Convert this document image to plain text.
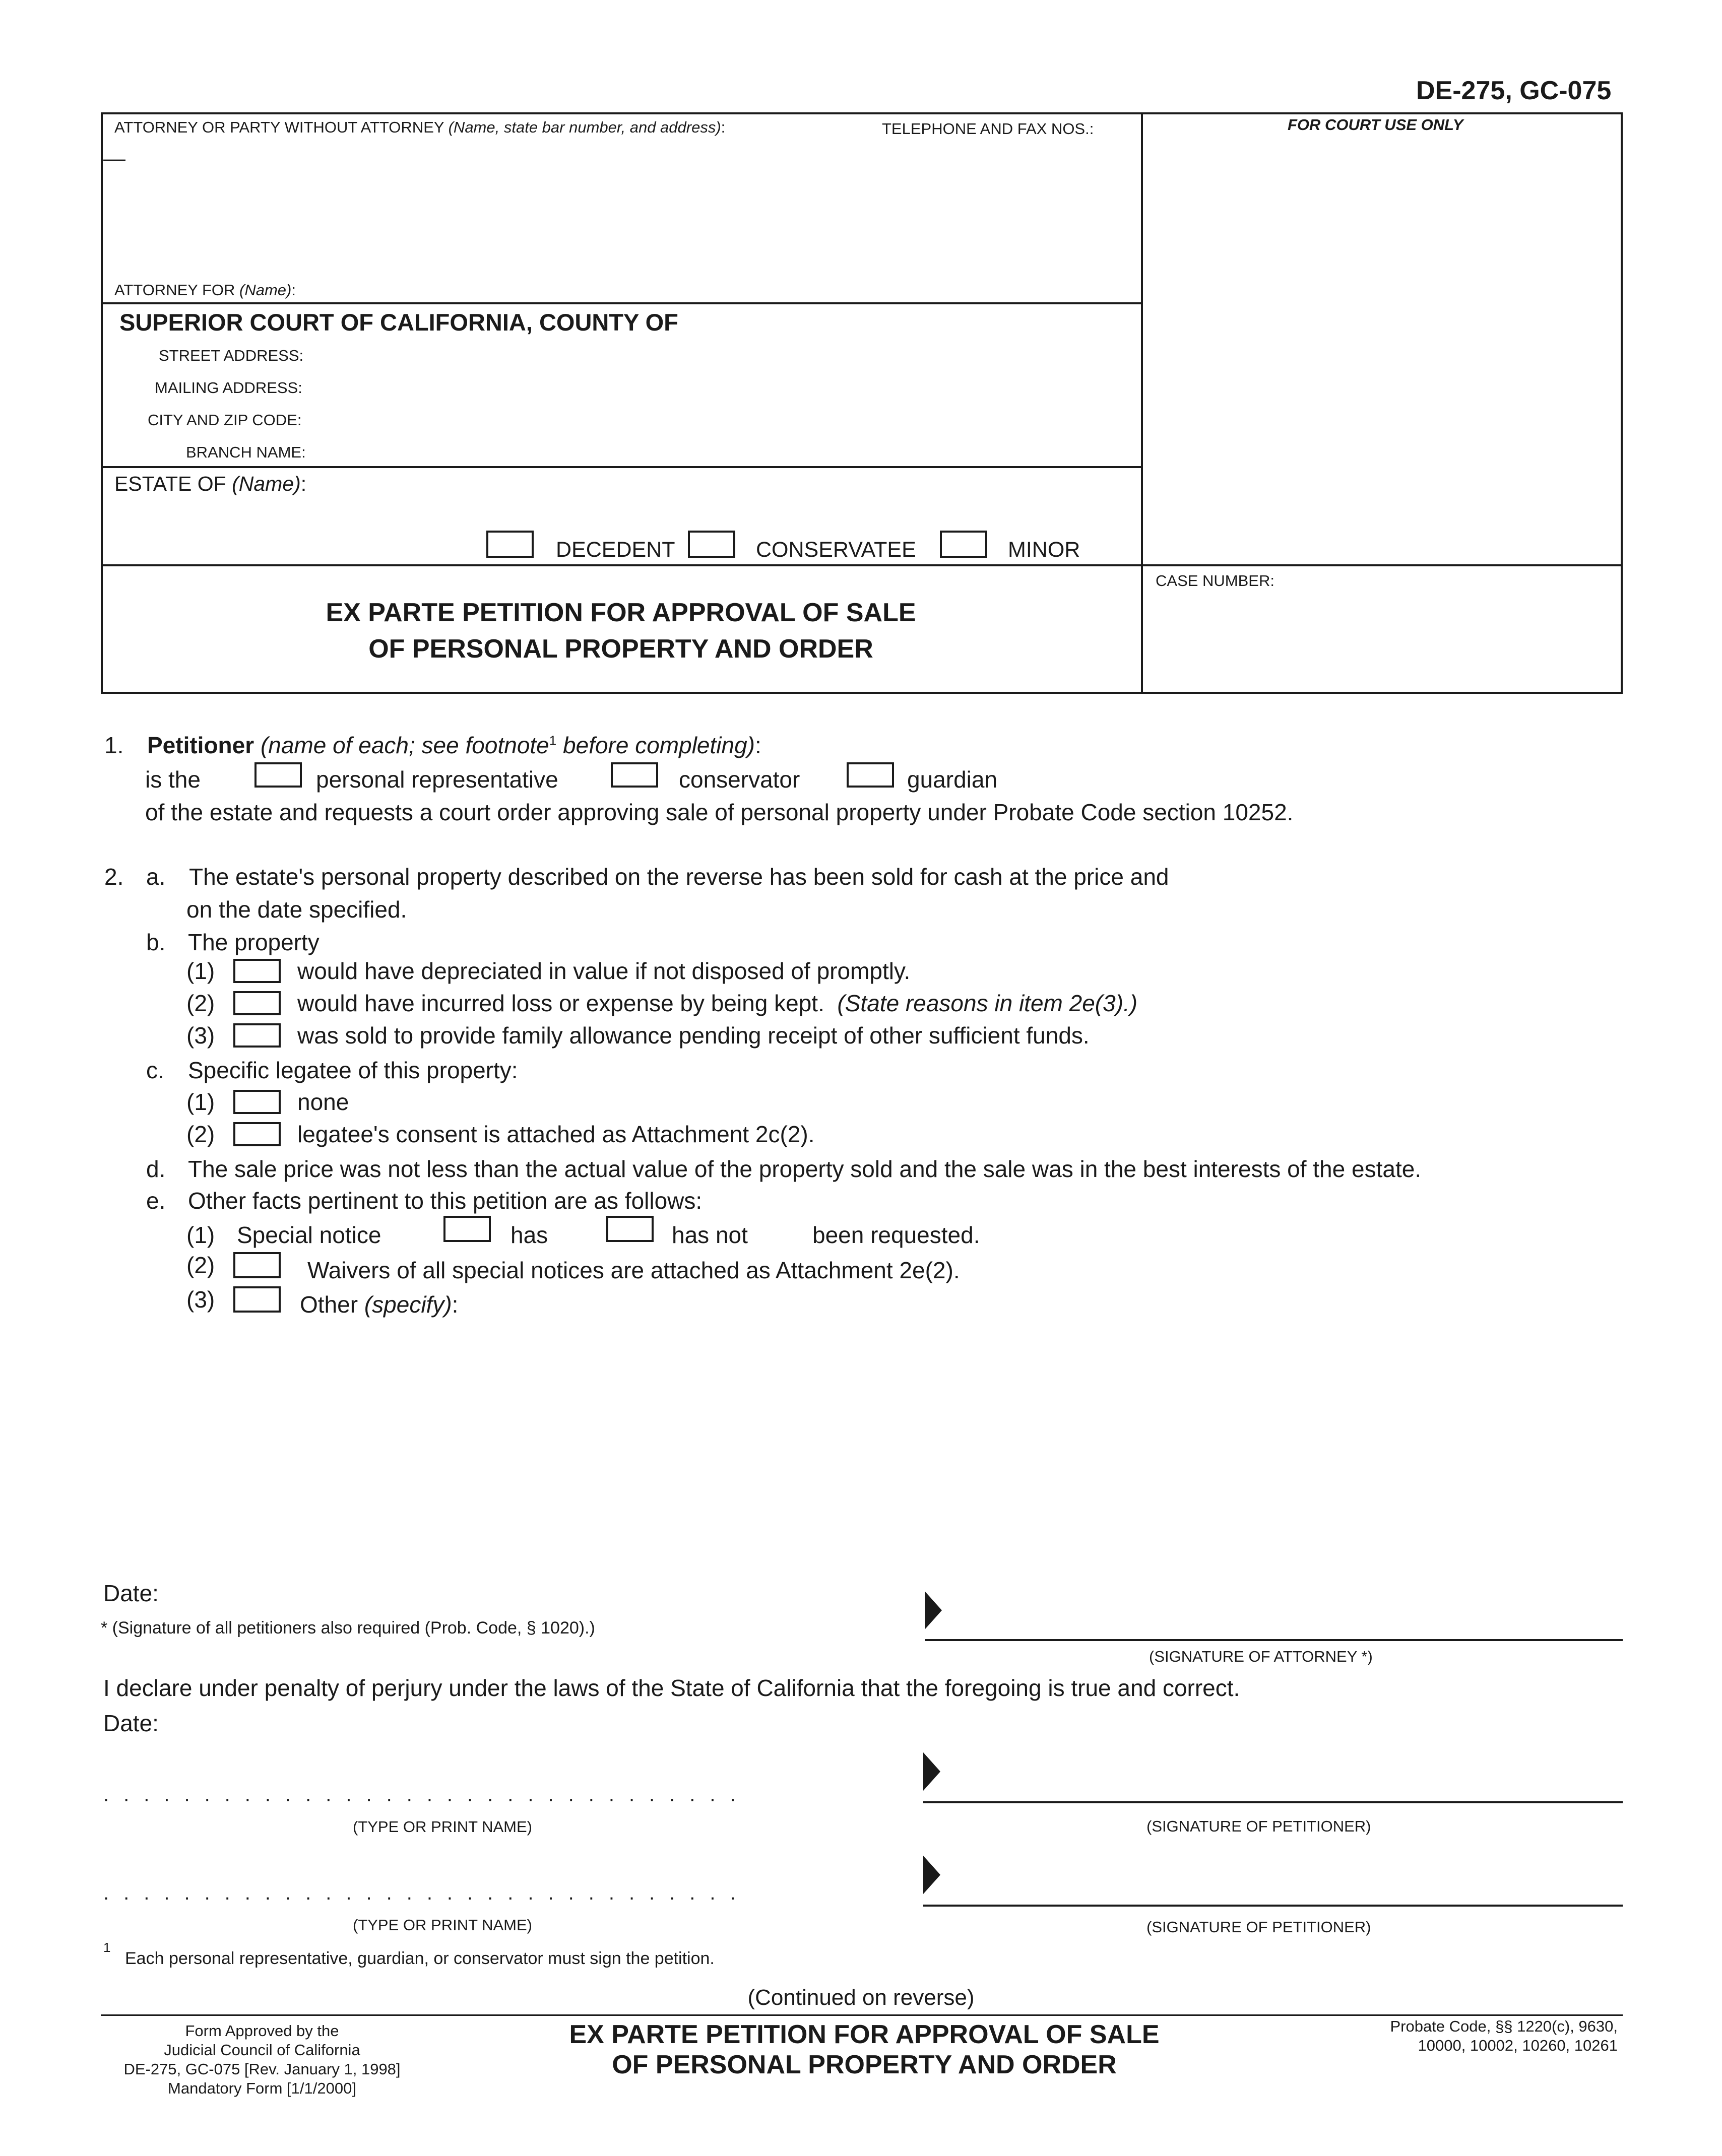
DE-275, GC-075
ATTORNEY OR PARTY WITHOUT ATTORNEY (Name, state bar number, and address):	TELEPHONE AND FAX NOS.:	FOR COURT USE ONLY
—
ATTORNEY FOR (Name):
SUPERIOR COURT OF CALIFORNIA, COUNTY OF
STREET ADDRESS:
MAILING ADDRESS:
CITY AND ZIP CODE:
BRANCH NAME:
ESTATE OF (Name):
DECEDENT	CONSERVATEE	MINOR
EX PARTE PETITION FOR APPROVAL OF SALE
OF PERSONAL PROPERTY AND ORDER
CASE NUMBER:
1. Petitioner (name of each; see footnote$^1$ before completing):
is the	personal representative	conservator	guardian
of the estate and requests a court order approving sale of personal property under Probate Code section 10252.
2. a. The estate's personal property described on the reverse has been sold for cash at the price and
on the date specified.
b. The property
(1)	would have depreciated in value if not disposed of promptly.
(2)	would have incurred loss or expense by being kept. (State reasons in item 2e(3).)
(3)	was sold to provide family allowance pending receipt of other sufficient funds.
c. Specific legatee of this property:
(1)	none
(2)	legatee's consent is attached as Attachment 2c(2).
d. The sale price was not less than the actual value of the property sold and the sale was in the best interests of the estate.
e. Other facts pertinent to this petition are as follows:
(1) Special notice	has	has not	been requested.
(2)	Waivers of all special notices are attached as Attachment 2e(2).
(3)	Other (specify):
Date:
* (Signature of all petitioners also required (Prob. Code, § 1020).)
(SIGNATURE OF ATTORNEY *)
I declare under penalty of perjury under the laws of the State of California that the foregoing is true and correct.
Date:
................................
(TYPE OR PRINT NAME)	(SIGNATURE OF PETITIONER)
................................
(TYPE OR PRINT NAME)	(SIGNATURE OF PETITIONER)
1
Each personal representative, guardian, or conservator must sign the petition.
(Continued on reverse)
Form Approved by the
Judicial Council of California
DE-275, GC-075 [Rev. January 1, 1998]
Mandatory Form [1/1/2000]
EX PARTE PETITION FOR APPROVAL OF SALE
OF PERSONAL PROPERTY AND ORDER
Probate Code, §§ 1220(c), 9630,
10000, 10002, 10260, 10261
